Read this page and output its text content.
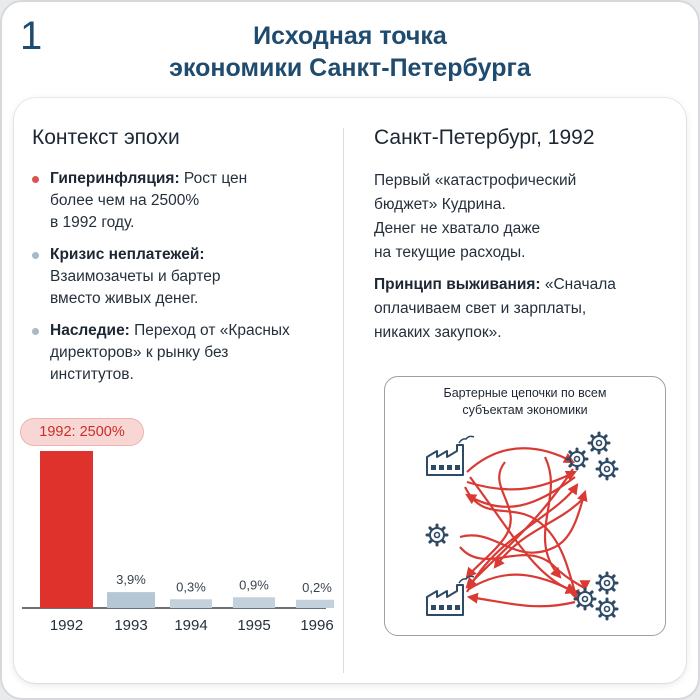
1	Исходная точка
экономики Санкт-Петербурга
Контекст эпохи	Санкт-Петербург, 1992
Гиперинфляция: Рост цен
более чем на 2500%
в 1992 году.
Кризис неплатежей:
Взаимозачеты и бартер
вместо живых денег.
Наследие: Переход от «Красных
директоров» к рынку без
институтов.

Первый «катастрофический

бюджет» Кудрина.

Денег не хватало даже

на текущие расходы.

Принцип выживания: «Сначала

оплачиваем свет и зарплаты,

никаких закупок».

1992 1993
3,9%
1994
0,3%
1995
0,9%
1996
0,2%
1992: 2500%
Бартерные цепочки по всем
субъектам экономики
